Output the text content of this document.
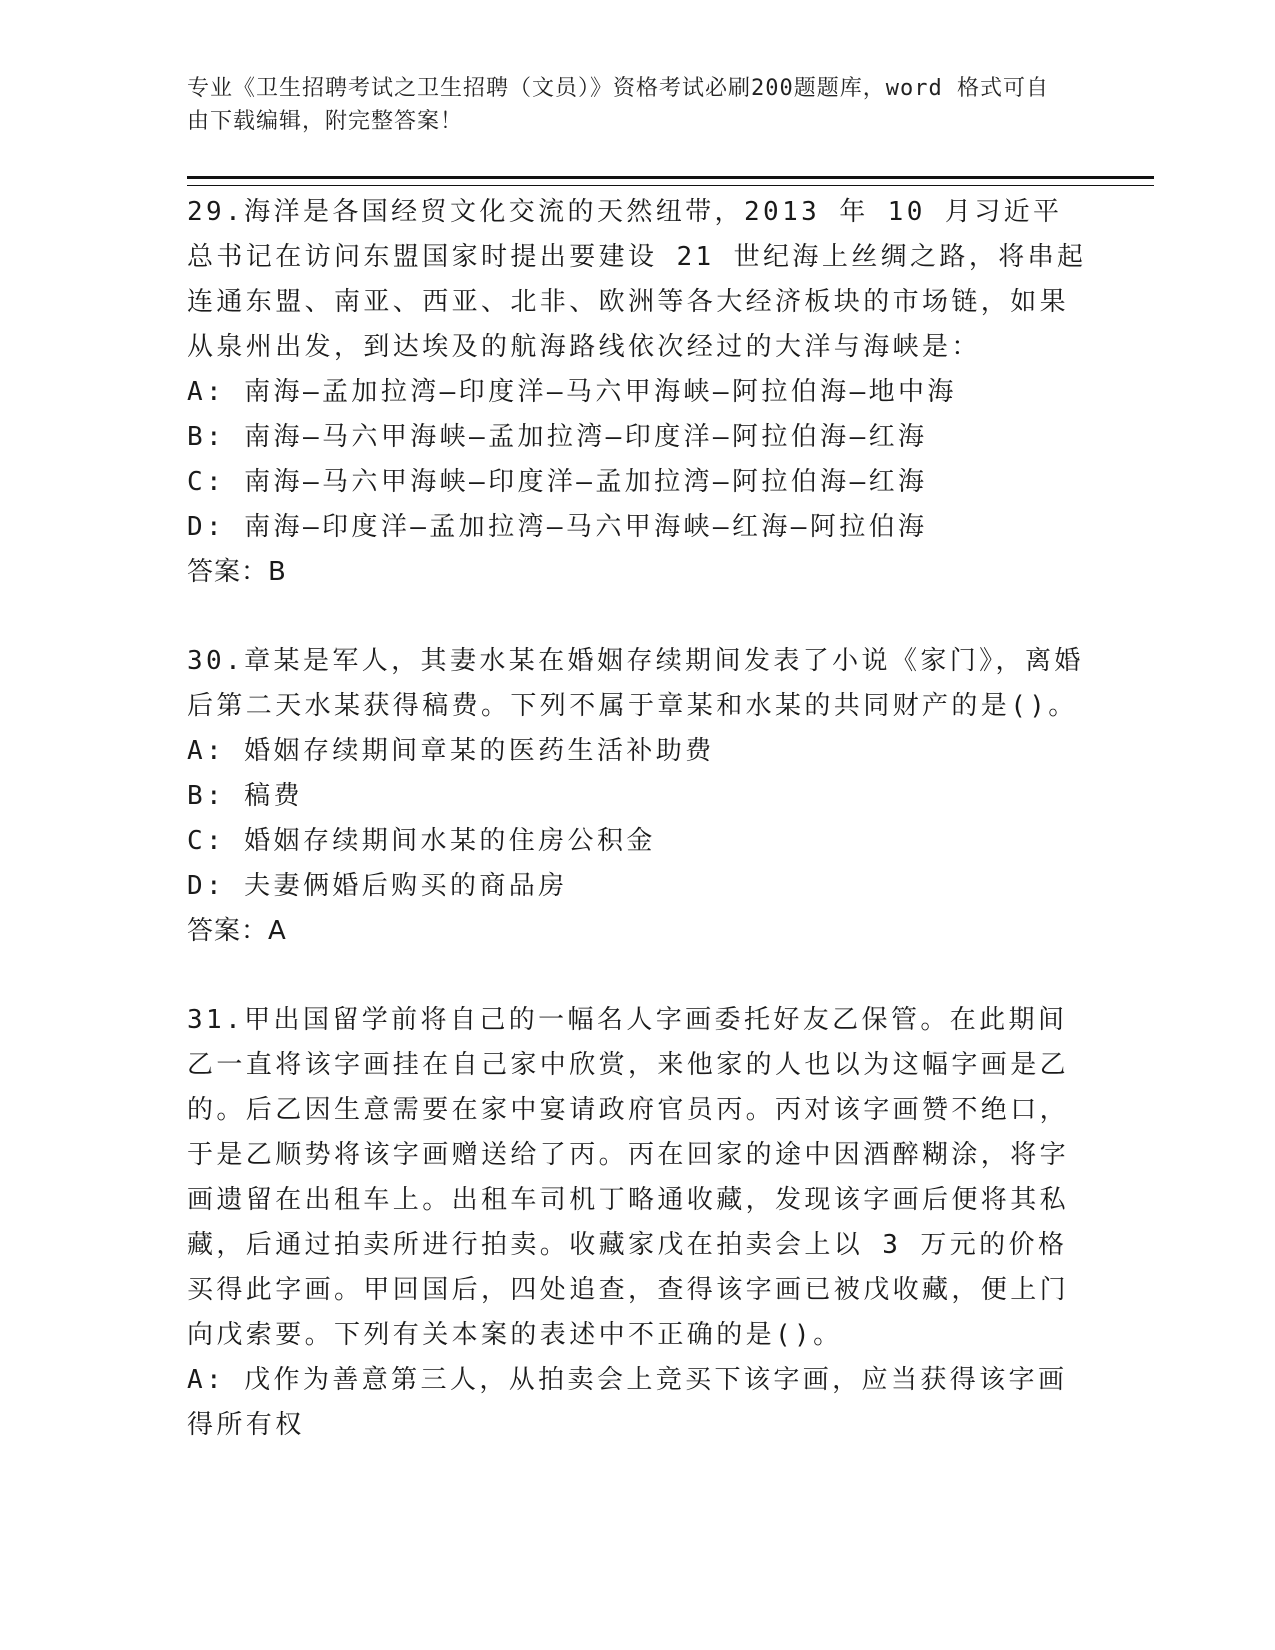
专业《卫生招聘考试之卫生招聘（文员）》资格考试必刷200题题库，word 格式可自由下载编辑，附完整答案！

29.海洋是各国经贸文化交流的天然纽带，2013 年 10 月习近平总书记在访问东盟国家时提出要建设 21 世纪海上丝绸之路，将串起连通东盟、南亚、西亚、北非、欧洲等各大经济板块的市场链，如果从泉州出发，到达埃及的航海路线依次经过的大洋与海峡是：

A: 南海—孟加拉湾—印度洋—马六甲海峡—阿拉伯海—地中海

B: 南海—马六甲海峡—孟加拉湾—印度洋—阿拉伯海—红海

C: 南海—马六甲海峡—印度洋—孟加拉湾—阿拉伯海—红海

D: 南海—印度洋—孟加拉湾—马六甲海峡—红海—阿拉伯海

答案：B

30.章某是军人，其妻水某在婚姻存续期间发表了小说《家门》，离婚后第二天水某获得稿费。下列不属于章某和水某的共同财产的是()。

A: 婚姻存续期间章某的医药生活补助费

B: 稿费

C: 婚姻存续期间水某的住房公积金

D: 夫妻俩婚后购买的商品房

答案：A

31.甲出国留学前将自己的一幅名人字画委托好友乙保管。在此期间乙一直将该字画挂在自己家中欣赏，来他家的人也以为这幅字画是乙的。后乙因生意需要在家中宴请政府官员丙。丙对该字画赞不绝口，于是乙顺势将该字画赠送给了丙。丙在回家的途中因酒醉糊涂，将字画遗留在出租车上。出租车司机丁略通收藏，发现该字画后便将其私藏，后通过拍卖所进行拍卖。收藏家戊在拍卖会上以 3 万元的价格买得此字画。甲回国后，四处追查，查得该字画已被戊收藏，便上门向戊索要。下列有关本案的表述中不正确的是()。

A: 戊作为善意第三人，从拍卖会上竞买下该字画，应当获得该字画得所有权
